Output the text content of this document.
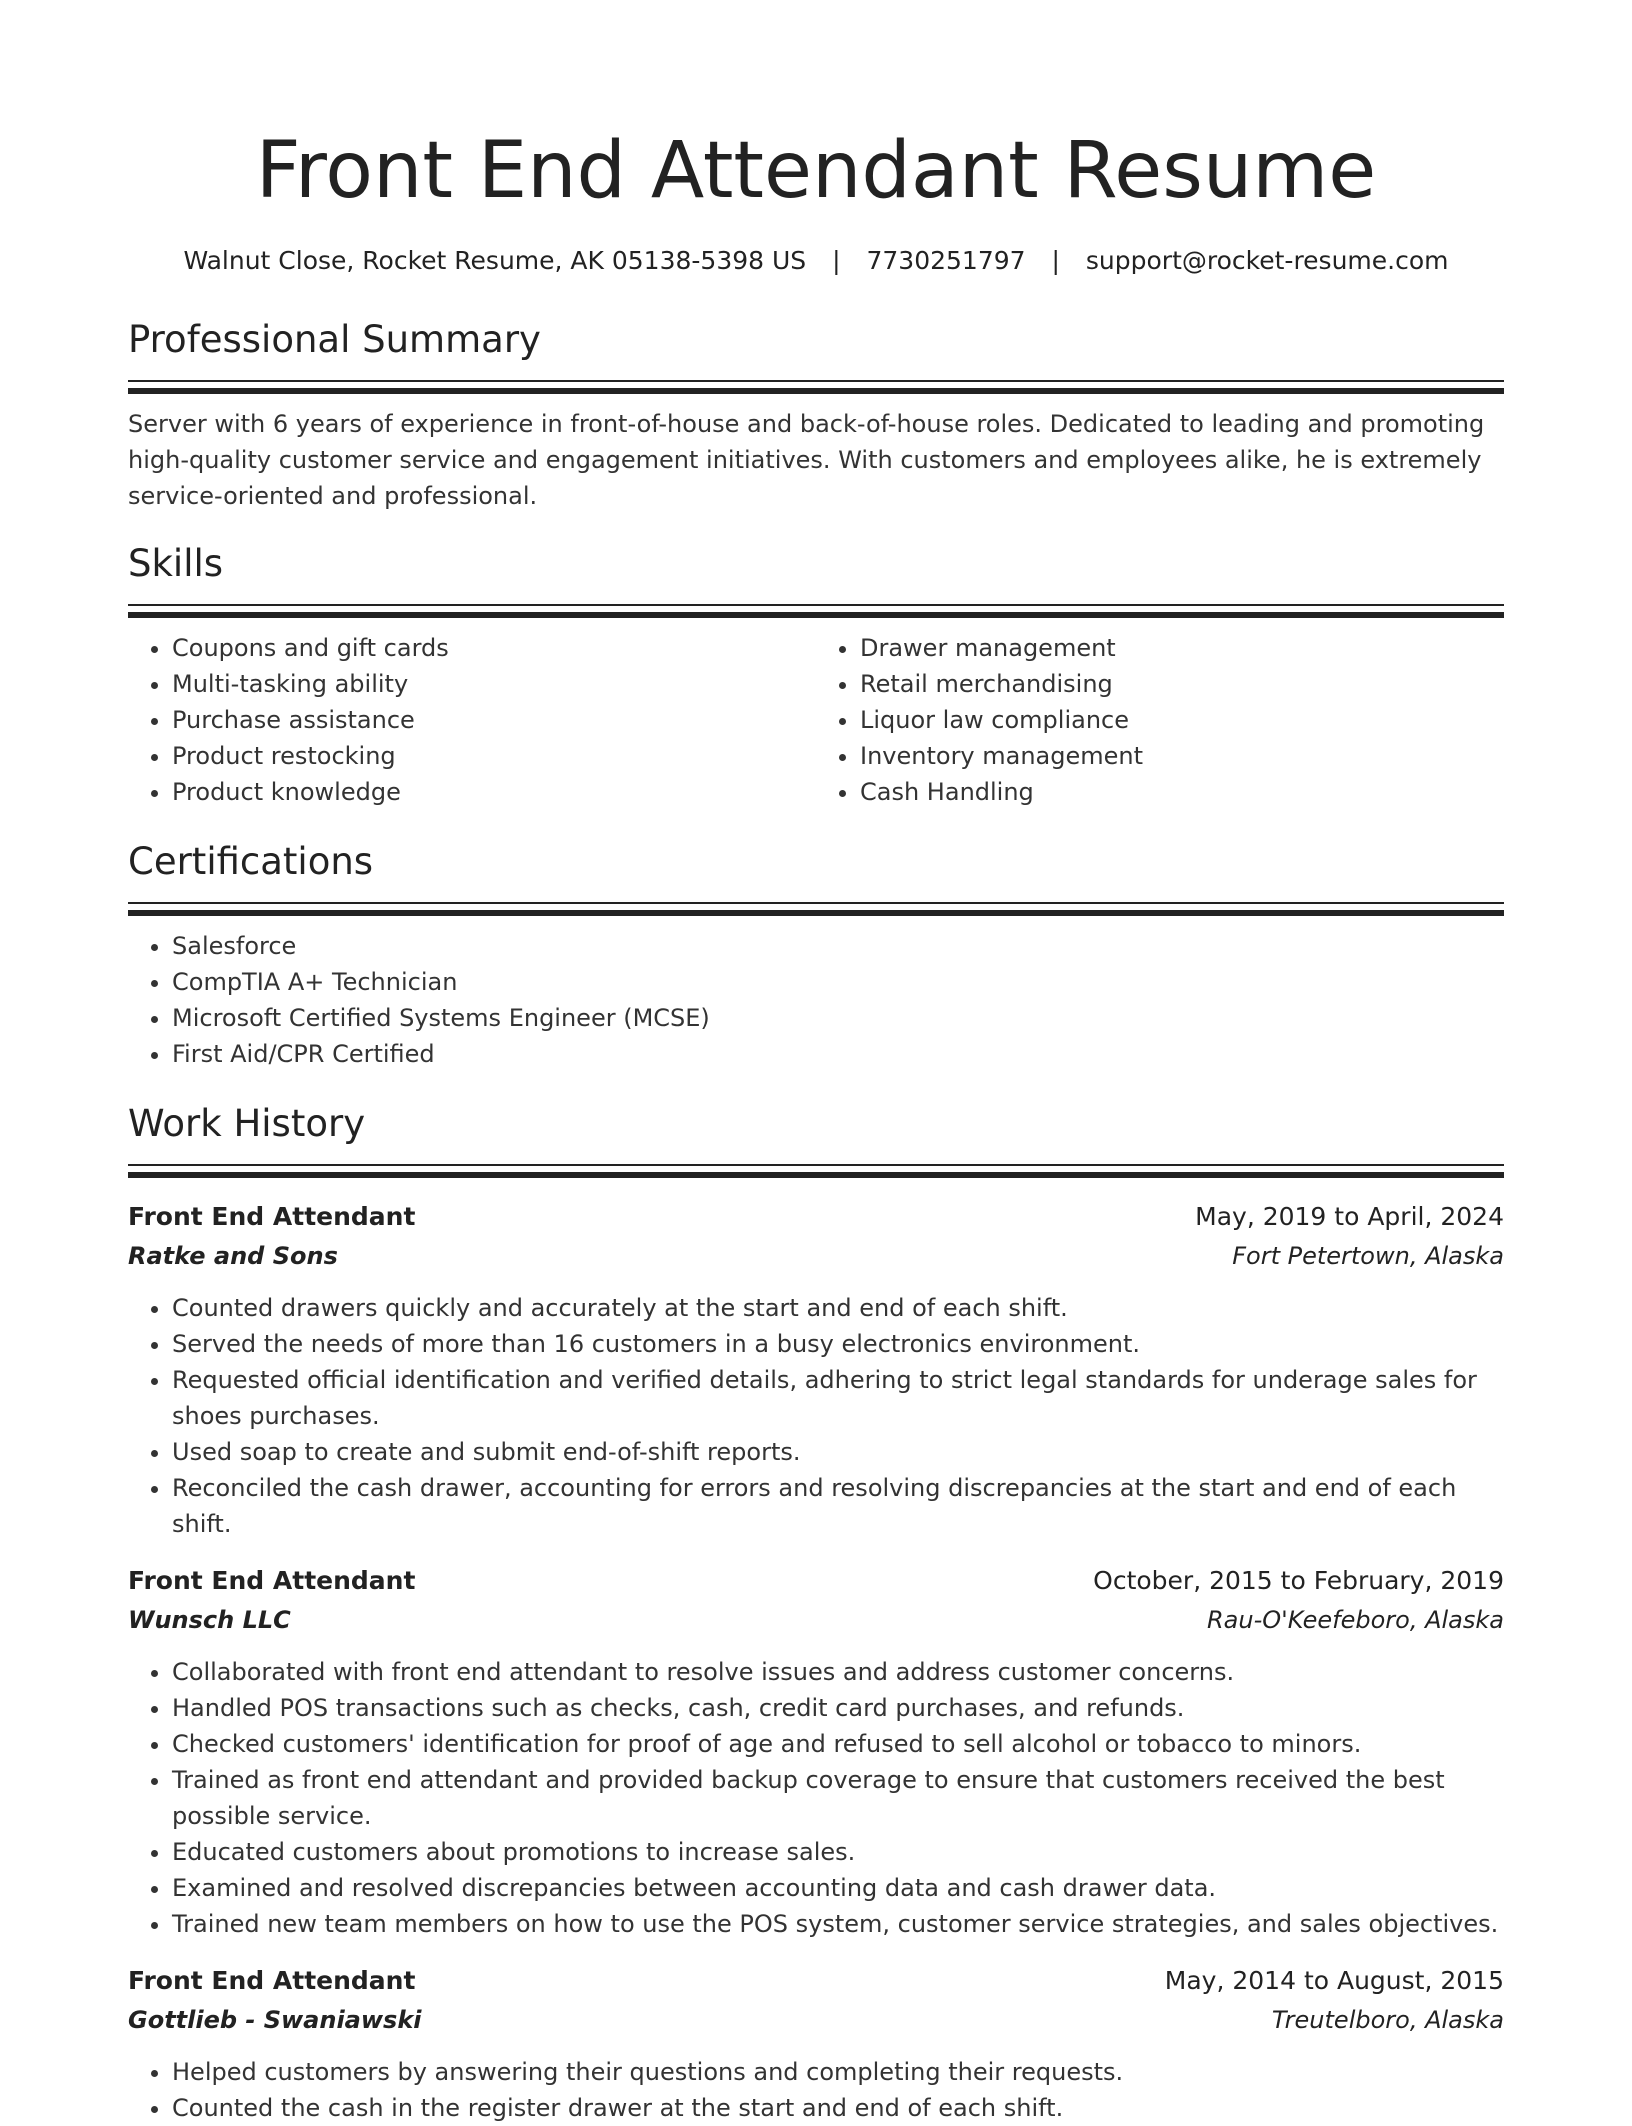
Front End Attendant Resume
Walnut Close, Rocket Resume, AK 05138-5398 US | 7730251797 | support@rocket-resume.com
Professional Summary

Server with 6 years of experience in front-of-house and back-of-house roles. Dedicated to leading and promoting high-quality customer service and engagement initiatives. With customers and employees alike, he is extremely service-oriented and professional.

Skills
• Coupons and gift cards
• Multi-tasking ability
• Purchase assistance
• Product restocking
• Product knowledge
• Drawer management
• Retail merchandising
• Liquor law compliance
• Inventory management
• Cash Handling
Certifications
• Salesforce
• CompTIA A+ Technician
• Microsoft Certified Systems Engineer (MCSE)
• First Aid/CPR Certified
Work History
Front End Attendant	May, 2019 to April, 2024
Ratke and Sons	Fort Petertown, Alaska
• Counted drawers quickly and accurately at the start and end of each shift.
• Served the needs of more than 16 customers in a busy electronics environment.
• Requested official identification and verified details, adhering to strict legal standards for underage sales for shoes purchases.
• Used soap to create and submit end-of-shift reports.
• Reconciled the cash drawer, accounting for errors and resolving discrepancies at the start and end of each shift.
Front End Attendant	October, 2015 to February, 2019
Wunsch LLC	Rau-O'Keefeboro, Alaska
• Collaborated with front end attendant to resolve issues and address customer concerns.
• Handled POS transactions such as checks, cash, credit card purchases, and refunds.
• Checked customers' identification for proof of age and refused to sell alcohol or tobacco to minors.
• Trained as front end attendant and provided backup coverage to ensure that customers received the best possible service.
• Educated customers about promotions to increase sales.
• Examined and resolved discrepancies between accounting data and cash drawer data.
• Trained new team members on how to use the POS system, customer service strategies, and sales objectives.
Front End Attendant	May, 2014 to August, 2015
Gottlieb - Swaniawski	Treutelboro, Alaska
• Helped customers by answering their questions and completing their requests.
• Counted the cash in the register drawer at the start and end of each shift.
